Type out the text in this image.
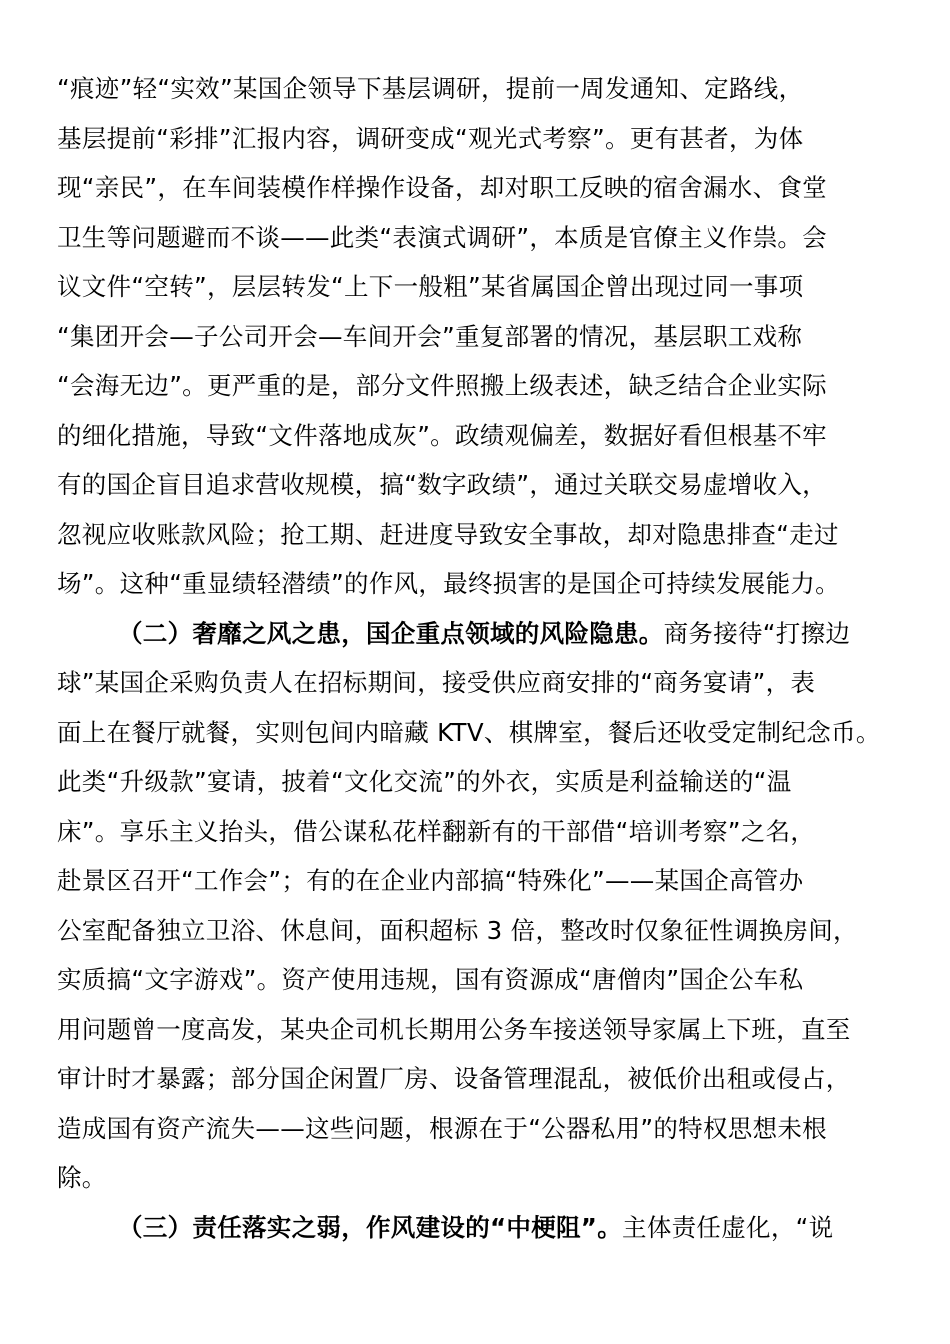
“痕迹”轻“实效”某国企领导下基层调研，提前一周发通知、定路线，
基层提前“彩排”汇报内容，调研变成“观光式考察”。更有甚者，为体
现“亲民”，在车间装模作样操作设备，却对职工反映的宿舍漏水、食堂
卫生等问题避而不谈——此类“表演式调研”，本质是官僚主义作祟。会
议文件“空转”，层层转发“上下一般粗”某省属国企曾出现过同一事项
“集团开会—子公司开会—车间开会”重复部署的情况，基层职工戏称
“会海无边”。更严重的是，部分文件照搬上级表述，缺乏结合企业实际
的细化措施，导致“文件落地成灰”。政绩观偏差，数据好看但根基不牢
有的国企盲目追求营收规模，搞“数字政绩”，通过关联交易虚增收入，
忽视应收账款风险；抢工期、赶进度导致安全事故，却对隐患排查“走过
场”。这种“重显绩轻潜绩”的作风，最终损害的是国企可持续发展能力。
（二）奢靡之风之患，国企重点领域的风险隐患。商务接待“打擦边
球”某国企采购负责人在招标期间，接受供应商安排的“商务宴请”，表
面上在餐厅就餐，实则包间内暗藏 KTV、棋牌室，餐后还收受定制纪念币。
此类“升级款”宴请，披着“文化交流”的外衣，实质是利益输送的“温
床”。享乐主义抬头，借公谋私花样翻新有的干部借“培训考察”之名，
赴景区召开“工作会”；有的在企业内部搞“特殊化”——某国企高管办
公室配备独立卫浴、休息间，面积超标 3 倍，整改时仅象征性调换房间，
实质搞“文字游戏”。资产使用违规，国有资源成“唐僧肉”国企公车私
用问题曾一度高发，某央企司机长期用公务车接送领导家属上下班，直至
审计时才暴露；部分国企闲置厂房、设备管理混乱，被低价出租或侵占，
造成国有资产流失——这些问题，根源在于“公器私用”的特权思想未根
除。
（三）责任落实之弱，作风建设的“中梗阻”。主体责任虚化，“说
